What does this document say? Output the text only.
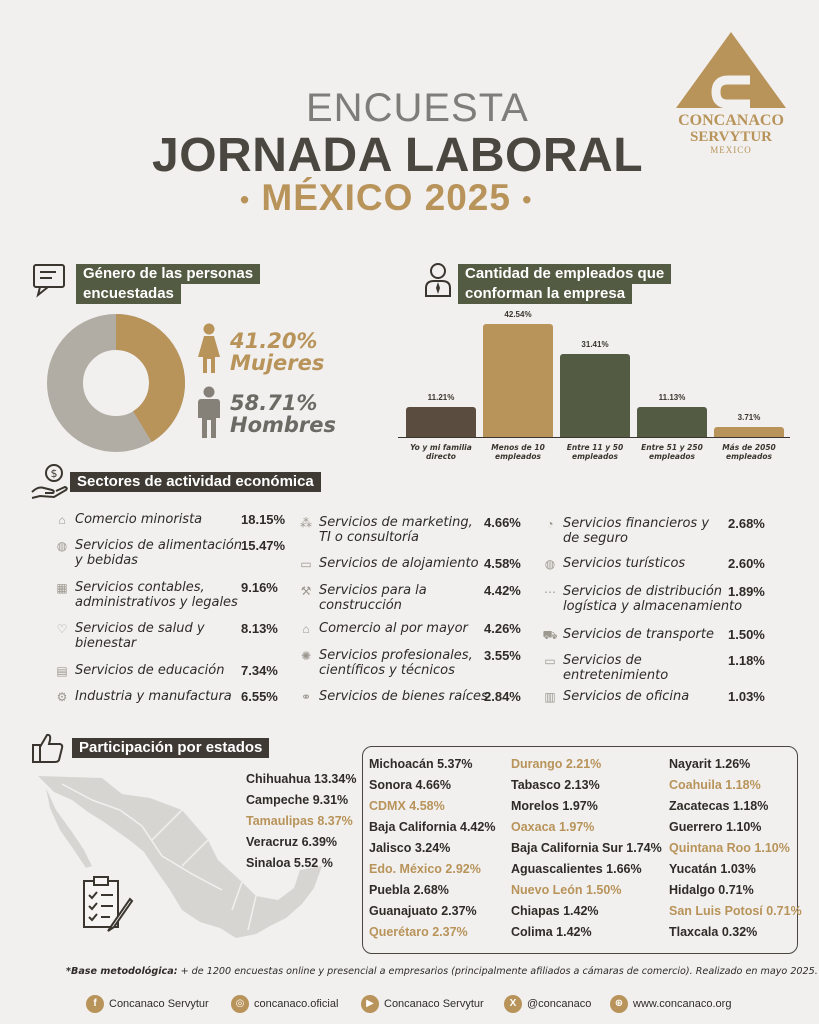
ENCUESTA
JORNADA LABORAL
• MÉXICO 2025 •
CONCANACO
SERVYTUR
MEXICO
Género de las personas
encuestadas
41.20%
Mujeres
58.71%
Hombres
Cantidad de empleados que
conforman la empresa
11.21%
Yo y mi familia
directo
42.54%
Menos de 10
empleados
31.41%
Entre 11 y 50
empleados
11.13%
Entre 51 y 250
empleados
3.71%
Más de 2050
empleados
$	Sectores de actividad económica
⌂ Comercio minorista	18.15%
◍ Servicios de alimentación
y bebidas
15.47%
▦ Servicios contables,
administrativos y legales
9.16%
♡ Servicios de salud y
bienestar
8.13%
▤ Servicios de educación 7.34%
⚙ Industria y manufactura 6.55%
⁂ Servicios de marketing,
TI o consultoría
4.66%
▭ Servicios de alojamiento 4.58%
⚒ Servicios para la
construcción
4.42%
⌂ Comercio al por mayor 4.26%
✺ Servicios profesionales,
científicos y técnicos
3.55%
⚭ Servicios de bienes raíces
2.84%
◔ Servicios financieros y
de seguro
2.68%
◍ Servicios turísticos	2.60%
⋯ Servicios de distribución
logística y almacenamiento
1.89%
⛟ Servicios de transporte 1.50%
▭ Servicios de
entretenimiento
1.18%
▥ Servicios de oficina	1.03%
Participación por estados
Chihuahua 13.34%
Campeche 9.31%
Tamaulipas 8.37%
Veracruz 6.39%
Sinaloa 5.52 %
Michoacán 5.37%
Sonora 4.66%
CDMX 4.58%
Baja California 4.42%
Jalisco 3.24%
Edo. México 2.92%
Puebla 2.68%
Guanajuato 2.37%
Querétaro 2.37%
Durango 2.21%
Tabasco 2.13%
Morelos 1.97%
Oaxaca 1.97%
Baja California Sur 1.74%
Aguascalientes 1.66%
Nuevo León 1.50%
Chiapas 1.42%
Colima 1.42%
Nayarit 1.26%
Coahuila 1.18%
Zacatecas 1.18%
Guerrero 1.10%
Quintana Roo 1.10%
Yucatán 1.03%
Hidalgo 0.71%
San Luis Potosí 0.71%
Tlaxcala 0.32%
*Base metodológica: + de 1200 encuestas online y presencial a empresarios (principalmente afiliados a cámaras de comercio). Realizado en mayo 2025.
f	Concanaco Servytur	◎ concanaco.oficial	▶ Concanaco Servytur	X @concanaco	⊕ www.concanaco.org
